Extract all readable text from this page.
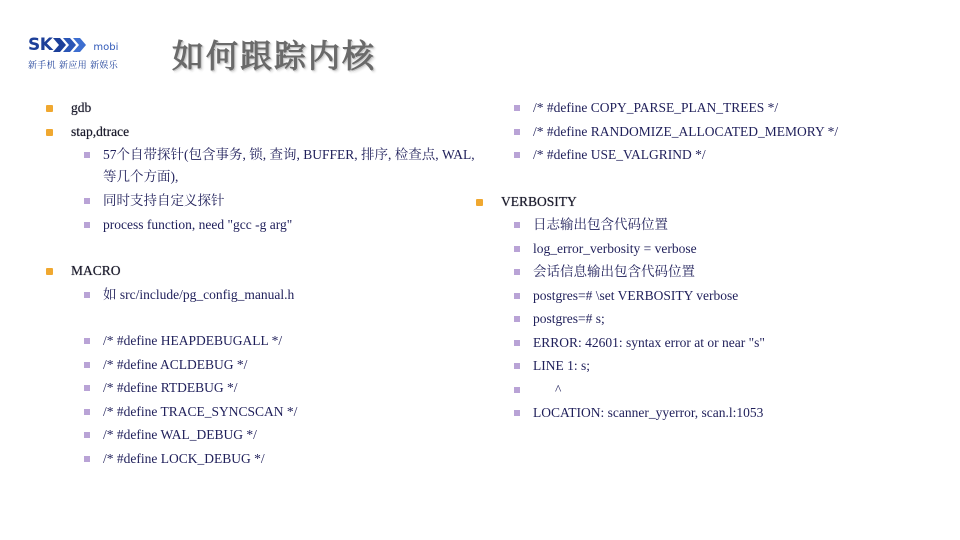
SK	mobi
新手机 新应用 新娱乐	如何跟踪内核
gdb
stap,dtrace
57个自带探针(包含事务, 锁, 查询, BUFFER, 排序, 检查点, WAL, 等几个方面),
同时支持自定义探针
process function, need "gcc -g arg"
MACRO
如 src/include/pg_config_manual.h
/* #define HEAPDEBUGALL */
/* #define ACLDEBUG */
/* #define RTDEBUG */
/* #define TRACE_SYNCSCAN */
/* #define WAL_DEBUG */
/* #define LOCK_DEBUG */
/* #define COPY_PARSE_PLAN_TREES */
/* #define RANDOMIZE_ALLOCATED_MEMORY */
/* #define USE_VALGRIND */
VERBOSITY
日志输出包含代码位置
log_error_verbosity = verbose
会话信息输出包含代码位置
postgres=# \set VERBOSITY verbose
postgres=# s;
ERROR: 42601: syntax error at or near "s"
LINE 1: s;
^
LOCATION: scanner_yyerror, scan.l:1053
